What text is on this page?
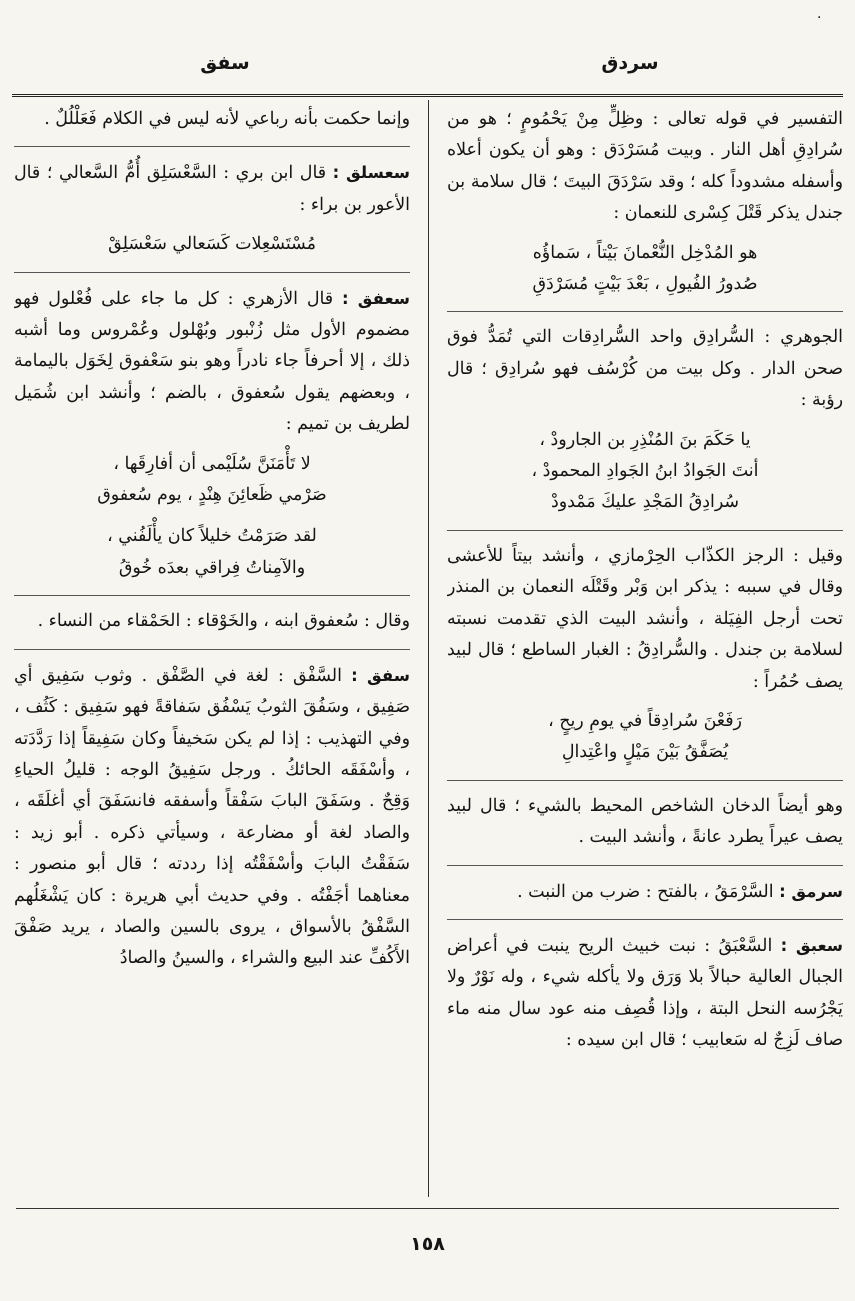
.
سردق
سفق

التفسير في قوله تعالى : وظِلٍّ مِنْ يَحْمُومٍ ؛ هو من سُرادِقِ أهل النار . وبيت مُسَرْدَق : وهو أن يكون أعلاه وأسفله مشدوداً كله ؛ وقد سَرْدَقَ البيتَ ؛ قال سلامة بن جندل يذكر قَتْلَ كِسْرى للنعمان :

هو المُدْخِل النُّعْمانَ بَيْتاً ، سَماؤُه
صُدورُ الفُيولِ ، بَعْدَ بَيْتٍ مُسَرْدَقِ

الجوهري : السُّرادِق واحد السُّرادِقات التي تُمَدُّ فوق صحن الدار . وكل بيت من كُرْسُف فهو سُرادِق ؛ قال رؤبة :

يا حَكَمَ بنَ المُنْذِرِ بن الجارودْ ،
أنتَ الجَوادُ ابنُ الجَوادِ المحمودْ ،
سُرادِقُ المَجْدِ عليكَ مَمْدودْ

وقيل : الرجز الكذّاب الحِرْمازي ، وأنشد بيتاً للأعشى وقال في سببه : يذكر ابن وَبْر وقَتْلَه النعمان بن المنذر تحت أرجل الفِيَلة ، وأنشد البيت الذي تقدمت نسبته لسلامة بن جندل . والسُّرادِقُ : الغبار الساطع ؛ قال لبيد يصف حُمُراً :

رَفَعْنَ سُرادِقاً في يومِ ريحٍ ،
يُصَفَّقُ بَيْنَ مَيْلٍ واعْتِدالِ

وهو أيضاً الدخان الشاخص المحيط بالشيء ؛ قال لبيد يصف عيراً يطرد عانةً ، وأنشد البيت .

سرمق : السَّرْمَقُ ، بالفتح : ضرب من النبت .

سعبق : السَّعْبَقُ : نبت خبيث الريح ينبت في أعراض الجبال العالية حبالاً بلا وَرَق ولا يأكله شيء ، وله نَوْرٌ ولا يَجْرُسه النحل البتة ، وإذا قُصِف منه عود سال منه ماء صاف لَزِجٌ له سَعابيب ؛ قال ابن سيده :

وإنما حكمت بأنه رباعي لأنه ليس في الكلام فَعَلْلُلٌ .

سعسلق : قال ابن بري : السَّعْسَلِق أُمُّ السَّعالي ؛ قال الأعور بن براء :

مُسْتَسْعِلات كَسَعالي سَعْسَلِقْ

سعفق : قال الأزهري : كل ما جاء على فُعْلول فهو مضموم الأول مثل زُنْبور وبُهْلول وعُمْروس وما أشبه ذلك ، إلا أحرفاً جاء نادراً وهو بنو سَعْفوق لِخَوَل باليمامة ، وبعضهم يقول سُعفوق ، بالضم ؛ وأنشد ابن شُمَيل لطريف بن تميم :

لا تَأْمَنَنَّ سُلَيْمى أن أفارِقَها ،
صَرْمي ظَعائِنَ هِنْدٍ ، يوم سُعفوق
لقد صَرَمْتُ خليلاً كان يأْلَفُني ،
والآمِناتُ فِراقي بعدَه خُوقُ

وقال : سُعفوق ابنه ، والخَوْقاء : الحَمْقاء من النساء .

سفق : السَّفْق : لغة في الصَّفْق . وثوب سَفِيق أي صَفِيق ، وسَفُقَ الثوبُ يَسْفُق سَفاقةً فهو سَفِيق : كَثُف ، وفي التهذيب : إذا لم يكن سَخيفاً وكان سَفِيقاً إذا رَدَّدَته ، وأسْفَقَه الحائكُ . ورجل سَفِيقُ الوجه : قليلُ الحياءِ وَقِحٌ . وسَفَقَ البابَ سَفْقاً وأسفقه فانسَفَقَ أي أغلَقَه ، والصاد لغة أو مضارعة ، وسيأتي ذكره . أبو زيد : سَفَقْتُ البابَ وأسْفَقْتُه إذا رددته ؛ قال أبو منصور : معناهما أجَفْتُه . وفي حديث أبي هريرة : كان يَشْغَلُهم السَّفْقُ بالأسواق ، يروى بالسين والصاد ، يريد صَفْقَ الأَكُفِّ عند البيع والشراء ، والسينُ والصادُ

١٥٨
